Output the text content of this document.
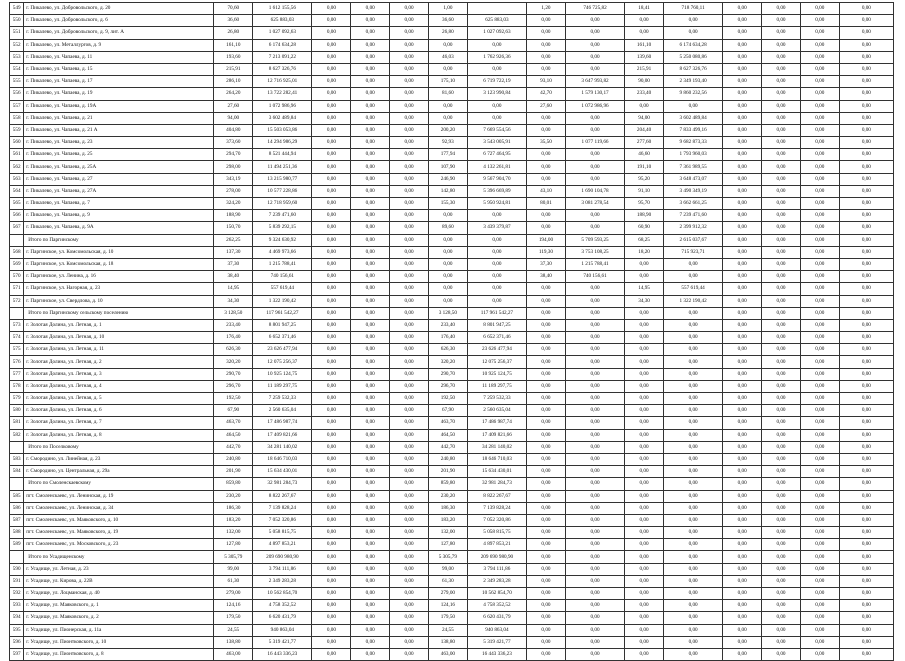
549	г. Пикалево, ул. Добровольского, д. 20	70,60	1 612 155,56	0,00	0,00	0,00	1,00		1,20	746 725,82	18,41	718 760,11	0,00	0,00	0,00	0,00
550	г. Пикалево, ул. Добровольского, д. 6	36,60	625 883,03	0,00	0,00	0,00	36,60	625 883,03	0,00	0,00	0,00	0,00	0,00	0,00	0,00	0,00
551	г. Пикалево, ул. Добровольского, д. 9, лит. А	26,80	1 027 092,63	0,00	0,00	0,00	26,80	1 027 092,63	0,00	0,00	0,00	0,00	0,00	0,00	0,00	0,00
552	г. Пикалево, ул. Металлургов, д. 9	161,10	6 174 634,28	0,00	0,00	0,00	0,00	0,00	0,00	0,00	161,10	6 174 634,28	0,00	0,00	0,00	0,00
553	г. Пикалево, ул. Чапаева, д. 11	193,60	7 213 091,22	0,00	0,00	0,00	46,03	1 762 926,36	0,00	0,00	139,60	5 250 080,86	0,00	0,00	0,00	0,00
554	г. Пикалево, ул. Чапаева, д. 15	215,91	8 627 326,76	0,00	0,00	0,00	0,00	0,00	0,00	0,00	215,91	8 627 326,76	0,00	0,00	0,00	0,00
555	г. Пикалево, ул. Чапаева, д. 17	286,10	12 716 925,01	0,00	0,00	0,00	175,10	6 719 722,19	93,10	3 647 993,82	90,00	2 349 193,40	0,00	0,00	0,00	0,00
556	г. Пикалево, ул. Чапаева, д. 19	264,20	13 722 282,41	0,00	0,00	0,00	81,60	3 123 990,84	42,70	1 579 130,17	233,40	9 860 232,56	0,00	0,00	0,00	0,00
557	г. Пикалево, ул. Чапаева, д. 19А	27,60	1 072 986,96	0,00	0,00	0,00	0,00	0,00	27,60	1 072 986,96	0,00	0,00	0,00	0,00	0,00	0,00
558	г. Пикалево, ул. Чапаева, д. 21	94,00	3 602 489,84	0,00	0,00	0,00	0,00	0,00	0,00	0,00	94,00	3 602 489,84	0,00	0,00	0,00	0,00
559	г. Пикалево, ул. Чапаева, д. 21 А	404,80	15 503 053,86	0,00	0,00	0,00	200,20	7 669 554,56	0,00	0,00	204,40	7 833 499,16	0,00	0,00	0,00	0,00
560	г. Пикалево, ул. Чапаева, д. 23	373,60	14 294 986,29	0,00	0,00	0,00	92,93	3 543 005,91	35,50	1 077 119,66	277,60	9 682 873,33	0,00	0,00	0,00	0,00
561	г. Пикалево, ул. Чапаева, д. 25	294,70	8 521 444,94	0,00	0,00	0,00	177,94	6 727 464,95	0,00	0,00	46,60	1 793 960,03	0,00	0,00	0,00	0,00
562	г. Пикалево, ул. Чапаева, д. 25А	298,00	11 494 251,36	0,00	0,00	0,00	107,90	4 132 261,81	0,00	0,00	191,10	7 361 989,55	0,00	0,00	0,00	0,00
563	г. Пикалево, ул. Чапаева, д. 27	343,19	13 215 980,77	0,00	0,00	0,00	246,90	9 567 904,70	0,00	0,00	95,20	3 648 473,07	0,00	0,00	0,00	0,00
564	г. Пикалево, ул. Чапаева, д. 27А	278,00	10 577 228,86	0,00	0,00	0,00	142,80	5 396 669,89	43,10	1 690 104,78	91,10	3 490 349,19	0,00	0,00	0,00	0,00
565	г. Пикалево, ул. Чапаева, д. 7	324,20	12 718 959,60	0,00	0,00	0,00	155,30	5 950 924,81	80,01	3 081 278,54	95,70	3 662 661,25	0,00	0,00	0,00	0,00
566	г. Пикалево, ул. Чапаева, д. 9	188,90	7 239 471,60	0,00	0,00	0,00	0,00	0,00	0,00	0,00	188,90	7 239 471,60	0,00	0,00	0,00	0,00
567	г. Пикалево, ул. Чапаева, д. 9А	150,70	5 839 292,15	0,00	0,00	0,00	89,60	3 439 379,87	0,00	0,00	60,90	2 399 912,32	0,00	0,00	0,00	0,00
	Итого по Паргинскому	262,25	9 324 630,92	0,00	0,00	0,00	0,00	0,00	194,00	5 709 593,25	68,25	2 615 037,67	0,00	0,00	0,00	0,00
568	г. Паргинское, ул. Комсомольская, д. 10	137,30	4 469 973,66	0,00	0,00	0,00	0,00	0,00	119,30	3 753 108,25	18,20	715 923,71	0,00	0,00	0,00	0,00
569	г. Паргинское, ул. Комсомольская, д. 18	37,30	1 215 788,41	0,00	0,00	0,00	0,00	0,00	37,30	1 215 788,41	0,00	0,00	0,00	0,00	0,00	0,00
570	г. Паргинское, ул. Ленина, д. 16	38,40	740 156,61	0,00	0,00	0,00	0,00	0,00	38,40	740 156,61	0,00	0,00	0,00	0,00	0,00	0,00
571	г. Паргинское, ул. Нагорная, д. 23	14,95	557 619,44	0,00	0,00	0,00	0,00	0,00	0,00	0,00	14,95	557 619,44	0,00	0,00	0,00	0,00
572	г. Паргинское, ул. Свердлова, д. 10	34,30	1 322 190,42	0,00	0,00	0,00	0,00	0,00	0,00	0,00	34,30	1 322 190,42	0,00	0,00	0,00	0,00
	Итого по Паргинскому сельскому поселению	3 128,50	117 961 542,27	0,00	0,00	0,00	3 128,50	117 961 542,27	0,00	0,00	0,00	0,00	0,00	0,00	0,00	0,00
573	г. Золотая Долина, ул. Летная, д. 1	233,40	8 801 947,25	0,00	0,00	0,00	233,40	8 801 947,25	0,00	0,00	0,00	0,00	0,00	0,00	0,00	0,00
574	г. Золотая Долина, ул. Летная, д. 10	176,40	6 652 371,46	0,00	0,00	0,00	176,40	6 652 371,46	0,00	0,00	0,00	0,00	0,00	0,00	0,00	0,00
575	г. Золотая Долина, ул. Летная, д. 11	626,30	23 626 477,94	0,00	0,00	0,00	626,30	23 626 477,94	0,00	0,00	0,00	0,00	0,00	0,00	0,00	0,00
576	г. Золотая Долина, ул. Летная, д. 2	320,20	12 075 256,37	0,00	0,00	0,00	320,20	12 075 256,37	0,00	0,00	0,00	0,00	0,00	0,00	0,00	0,00
577	г. Золотая Долина, ул. Летная, д. 3	290,70	10 925 124,75	0,00	0,00	0,00	290,70	10 925 124,75	0,00	0,00	0,00	0,00	0,00	0,00	0,00	0,00
578	г. Золотая Долина, ул. Летная, д. 4	296,70	11 189 297,75	0,00	0,00	0,00	296,70	11 189 297,75	0,00	0,00	0,00	0,00	0,00	0,00	0,00	0,00
579	г. Золотая Долина, ул. Летная, д. 5	192,50	7 259 532,33	0,00	0,00	0,00	192,50	7 259 532,33	0,00	0,00	0,00	0,00	0,00	0,00	0,00	0,00
580	г. Золотая Долина, ул. Летная, д. 6	67,90	2 560 635,04	0,00	0,00	0,00	67,90	2 560 635,04	0,00	0,00	0,00	0,00	0,00	0,00	0,00	0,00
581	г. Золотая Долина, ул. Летная, д. 7	463,70	17 486 987,74	0,00	0,00	0,00	463,70	17 486 987,74	0,00	0,00	0,00	0,00	0,00	0,00	0,00	0,00
582	г. Золотая Долина, ул. Летная, д. 8	464,50	17 409 821,66	0,00	0,00	0,00	464,50	17 409 821,66	0,00	0,00	0,00	0,00	0,00	0,00	0,00	0,00
	Итого по Поселковому	442,70	34 281 140,02	0,00	0,00	0,00	442,70	34 281 140,02	0,00	0,00	0,00	0,00	0,00	0,00	0,00	0,00
583	г. Смородино, ул. Линейная, д. 23	240,80	18 646 710,03	0,00	0,00	0,00	240,80	18 646 710,03	0,00	0,00	0,00	0,00	0,00	0,00	0,00	0,00
584	г. Смородино, ул. Центральная, д. 29а	201,90	15 634 430,01	0,00	0,00	0,00	201,90	15 634 430,01	0,00	0,00	0,00	0,00	0,00	0,00	0,00	0,00
	Итого по Смоленскаевскому	859,80	32 981 284,73	0,00	0,00	0,00	859,80	32 981 284,73	0,00	0,00	0,00	0,00	0,00	0,00	0,00	0,00
585	пгт. Смоленскаевс, ул. Ленинская, д. 19	230,20	8 822 267,67	0,00	0,00	0,00	230,20	8 822 267,67	0,00	0,00	0,00	0,00	0,00	0,00	0,00	0,00
586	пгт. Смоленскаевс, ул. Ленинская, д. 34	186,30	7 139 828,24	0,00	0,00	0,00	186,30	7 139 828,24	0,00	0,00	0,00	0,00	0,00	0,00	0,00	0,00
587	пгт. Смоленскаевс, ул. Маяковского, д. 10	183,20	7 052 320,86	0,00	0,00	0,00	183,20	7 052 320,86	0,00	0,00	0,00	0,00	0,00	0,00	0,00	0,00
588	пгт. Смоленскаевс, ул. Маяковского, д. 19	132,00	5 058 815,75	0,00	0,00	0,00	132,00	5 058 815,75	0,00	0,00	0,00	0,00	0,00	0,00	0,00	0,00
589	пгт. Смоленскаевс, ул. Московского, д. 23	127,80	4 897 853,21	0,00	0,00	0,00	127,80	4 897 853,21	0,00	0,00	0,00	0,00	0,00	0,00	0,00	0,00
	Итого по Усадищенскому	5 305,79	209 690 980,90	0,00	0,00	0,00	5 305,79	209 690 980,90	0,00	0,00	0,00	0,00	0,00	0,00	0,00	0,00
590	г. Усадище, ул. Летная, д. 23	99,00	3 794 111,86	0,00	0,00	0,00	99,00	3 794 111,86	0,00	0,00	0,00	0,00	0,00	0,00	0,00	0,00
591	г. Усадище, ул. Кирова, д. 22В	61,30	2 349 283,28	0,00	0,00	0,00	61,30	2 349 283,28	0,00	0,00	0,00	0,00	0,00	0,00	0,00	0,00
592	г. Усадище, ул. Лоцманская, д. 40	279,00	10 562 854,70	0,00	0,00	0,00	279,00	10 562 854,70	0,00	0,00	0,00	0,00	0,00	0,00	0,00	0,00
593	г. Усадище, ул. Маяковского, д. 1	124,16	4 758 352,52	0,00	0,00	0,00	124,16	4 758 352,52	0,00	0,00	0,00	0,00	0,00	0,00	0,00	0,00
594	г. Усадище, ул. Маяковского, д. 2	179,50	6 620 431,79	0,00	0,00	0,00	179,50	6 620 431,79	0,00	0,00	0,00	0,00	0,00	0,00	0,00	0,00
595	г. Усадище, ул. Пионерская, д. 11а	24,55	940 863,04	0,00	0,00	0,00	24,55	940 863,04	0,00	0,00	0,00	0,00	0,00	0,00	0,00	0,00
596	г. Усадище, ул. Пионтковского, д. 10	138,80	5 319 421,77	0,00	0,00	0,00	138,80	5 319 421,77	0,00	0,00	0,00	0,00	0,00	0,00	0,00	0,00
597	г. Усадище, ул. Пионтковского, д. 8	463,00	16 443 336,23	0,00	0,00	0,00	463,00	16 443 336,23	0,00	0,00	0,00	0,00	0,00	0,00	0,00	0,00
